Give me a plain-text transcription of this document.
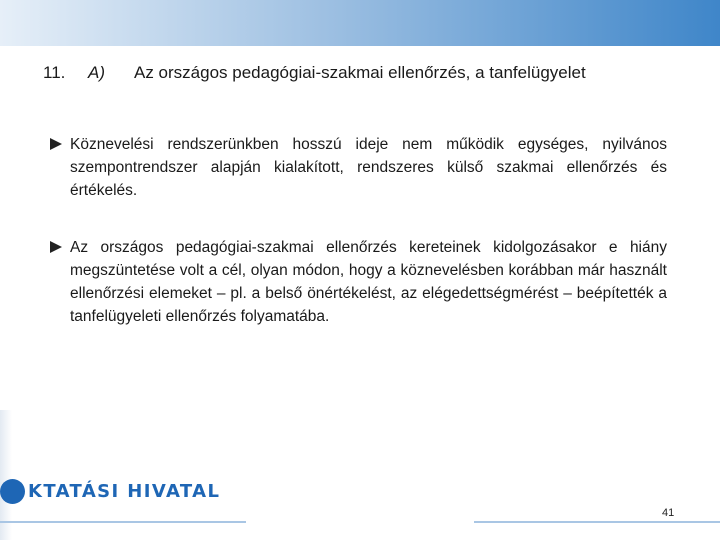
11. A) Az országos pedagógiai-szakmai ellenőrzés, a tanfelügyelet
Köznevelési rendszerünkben hosszú ideje nem működik egységes, nyilvános szempontrendszer alapján kialakított, rendszeres külső szakmai ellenőrzés és értékelés.
Az országos pedagógiai-szakmai ellenőrzés kereteinek kidolgozásakor e hiány megszüntetése volt a cél, olyan módon, hogy a köznevelésben korábban már használt ellenőrzési elemeket – pl. a belső önértékelést, az elégedettségmérést – beépítették a tanfelügyeleti ellenőrzés folyamatába.
KTATÁSI HIVATAL
41
